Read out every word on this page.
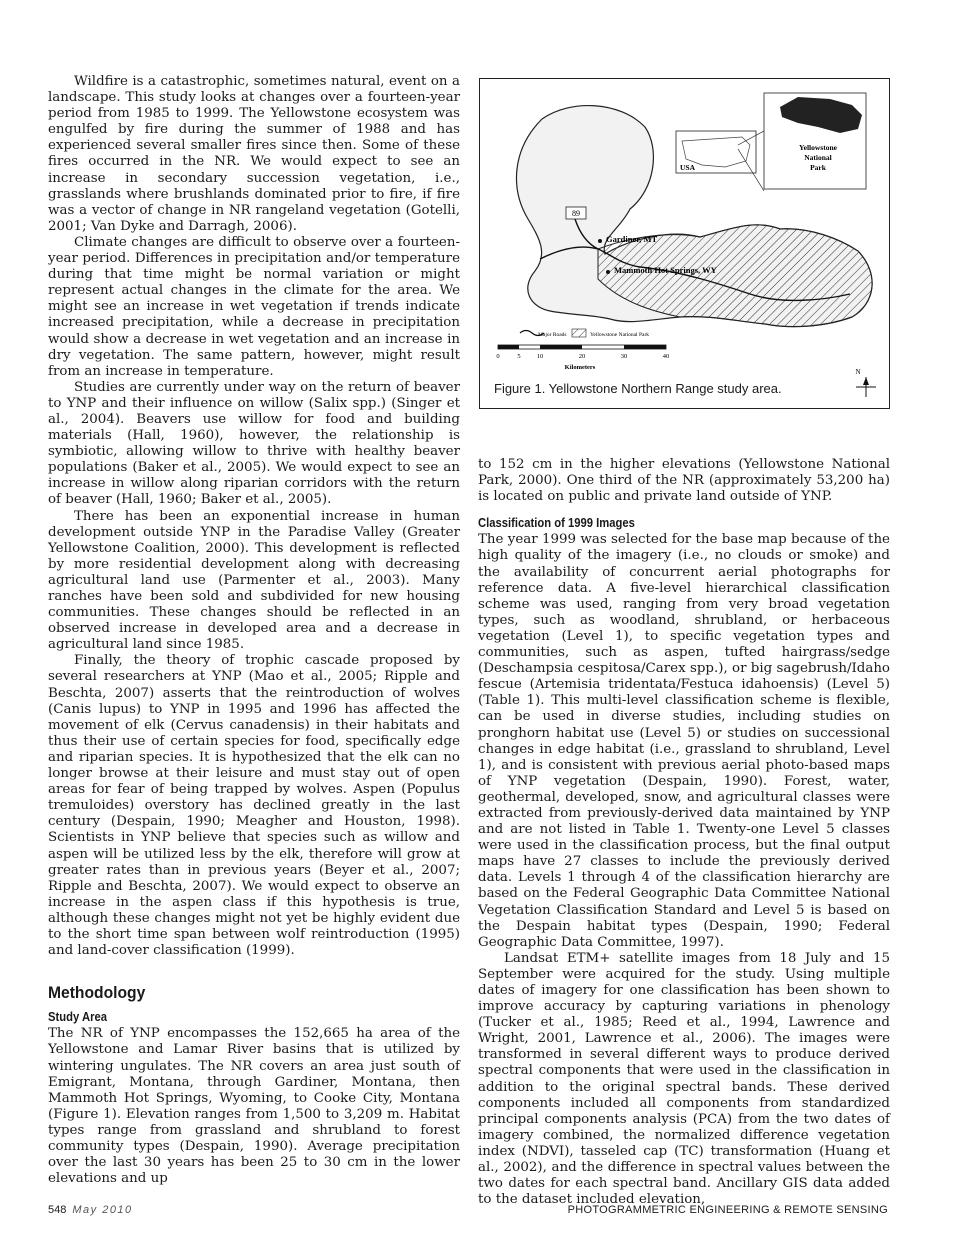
Wildfire is a catastrophic, sometimes natural, event on a landscape. This study looks at changes over a fourteen-year period from 1985 to 1999. The Yellowstone ecosystem was engulfed by fire during the summer of 1988 and has experienced several smaller fires since then. Some of these fires occurred in the NR. We would expect to see an increase in secondary succession vegetation, i.e., grasslands where brushlands dominated prior to fire, if fire was a vector of change in NR rangeland vegetation (Gotelli, 2001; Van Dyke and Darragh, 2006).

Climate changes are difficult to observe over a fourteen-year period. Differences in precipitation and/or temperature during that time might be normal variation or might represent actual changes in the climate for the area. We might see an increase in wet vegetation if trends indicate increased precipitation, while a decrease in precipitation would show a decrease in wet vegetation and an increase in dry vegetation. The same pattern, however, might result from an increase in temperature.

Studies are currently under way on the return of beaver to YNP and their influence on willow (Salix spp.) (Singer et al., 2004). Beavers use willow for food and building materials (Hall, 1960), however, the relationship is symbiotic, allowing willow to thrive with healthy beaver populations (Baker et al., 2005). We would expect to see an increase in willow along riparian corridors with the return of beaver (Hall, 1960; Baker et al., 2005).

There has been an exponential increase in human development outside YNP in the Paradise Valley (Greater Yellowstone Coalition, 2000). This development is reflected by more residential development along with decreasing agricultural land use (Parmenter et al., 2003). Many ranches have been sold and subdivided for new housing communities. These changes should be reflected in an observed increase in developed area and a decrease in agricultural land since 1985.

Finally, the theory of trophic cascade proposed by several researchers at YNP (Mao et al., 2005; Ripple and Beschta, 2007) asserts that the reintroduction of wolves (Canis lupus) to YNP in 1995 and 1996 has affected the movement of elk (Cervus canadensis) in their habitats and thus their use of certain species for food, specifically edge and riparian species. It is hypothesized that the elk can no longer browse at their leisure and must stay out of open areas for fear of being trapped by wolves. Aspen (Populus tremuloides) overstory has declined greatly in the last century (Despain, 1990; Meagher and Houston, 1998). Scientists in YNP believe that species such as willow and aspen will be utilized less by the elk, therefore will grow at greater rates than in previous years (Beyer et al., 2007; Ripple and Beschta, 2007). We would expect to observe an increase in the aspen class if this hypothesis is true, although these changes might not yet be highly evident due to the short time span between wolf reintroduction (1995) and land-cover classification (1999).

Methodology
Study Area

The NR of YNP encompasses the 152,665 ha area of the Yellowstone and Lamar River basins that is utilized by wintering ungulates. The NR covers an area just south of Emigrant, Montana, through Gardiner, Montana, then Mammoth Hot Springs, Wyoming, to Cooke City, Montana (Figure 1). Elevation ranges from 1,500 to 3,209 m. Habitat types range from grassland and shrubland to forest community types (Despain, 1990). Average precipitation over the last 30 years has been 25 to 30 cm in the lower elevations and up

89
Gardiner, MT
Mammoth Hot Springs, WY
USA
Yellowstone
National
Park
Major Roads	Yellowstone National Park
0	5 10	20	30	40
Kilometers
N
Figure 1. Yellowstone Northern Range study area.

to 152 cm in the higher elevations (Yellowstone National Park, 2000). One third of the NR (approximately 53,200 ha) is located on public and private land outside of YNP.

Classification of 1999 Images

The year 1999 was selected for the base map because of the high quality of the imagery (i.e., no clouds or smoke) and the availability of concurrent aerial photographs for reference data. A five-level hierarchical classification scheme was used, ranging from very broad vegetation types, such as woodland, shrubland, or herbaceous vegetation (Level 1), to specific vegetation types and communities, such as aspen, tufted hairgrass/sedge (Deschampsia cespitosa/Carex spp.), or big sagebrush/Idaho fescue (Artemisia tridentata/Festuca idahoensis) (Level 5) (Table 1). This multi-level classification scheme is flexible, can be used in diverse studies, including studies on pronghorn habitat use (Level 5) or studies on successional changes in edge habitat (i.e., grassland to shrubland, Level 1), and is consistent with previous aerial photo-based maps of YNP vegetation (Despain, 1990). Forest, water, geothermal, developed, snow, and agricultural classes were extracted from previously-derived data maintained by YNP and are not listed in Table 1. Twenty-one Level 5 classes were used in the classification process, but the final output maps have 27 classes to include the previously derived data. Levels 1 through 4 of the classification hierarchy are based on the Federal Geographic Data Committee National Vegetation Classification Standard and Level 5 is based on the Despain habitat types (Despain, 1990; Federal Geographic Data Committee, 1997).

Landsat ETM+ satellite images from 18 July and 15 September were acquired for the study. Using multiple dates of imagery for one classification has been shown to improve accuracy by capturing variations in phenology (Tucker et al., 1985; Reed et al., 1994, Lawrence and Wright, 2001, Lawrence et al., 2006). The images were transformed in several different ways to produce derived spectral components that were used in the classification in addition to the original spectral bands. These derived components included all components from standardized principal components analysis (PCA) from the two dates of imagery combined, the normalized difference vegetation index (NDVI), tasseled cap (TC) transformation (Huang et al., 2002), and the difference in spectral values between the two dates for each spectral band. Ancillary GIS data added to the dataset included elevation,

548 May 2010	PHOTOGRAMMETRIC ENGINEERING & REMOTE SENSING
